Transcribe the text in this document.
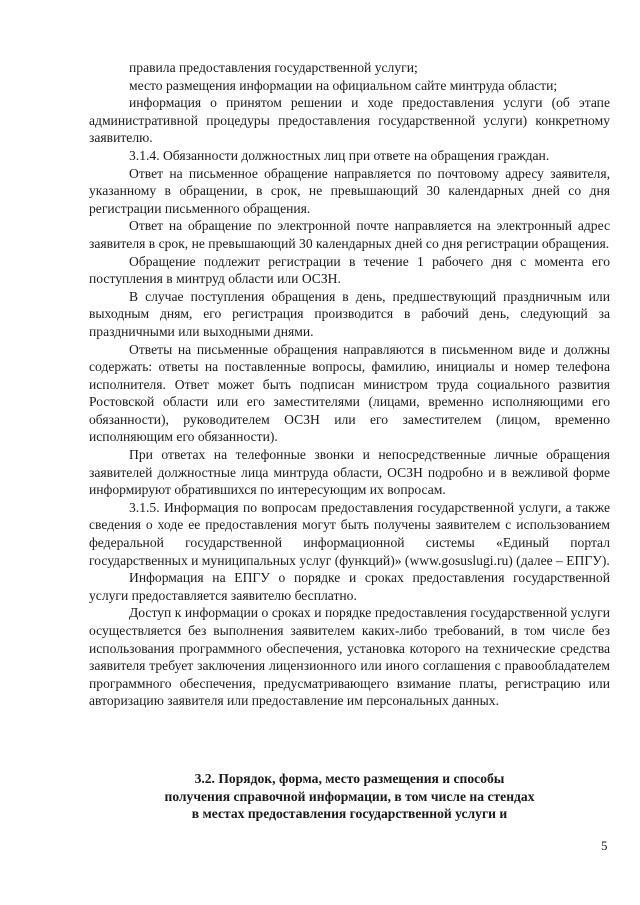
правила предоставления государственной услуги;

место размещения информации на официальном сайте минтруда области;

информация о принятом решении и ходе предоставления услуги (об этапе административной процедуры предоставления государственной услуги) конкретному заявителю.

3.1.4. Обязанности должностных лиц при ответе на обращения граждан.

Ответ на письменное обращение направляется по почтовому адресу заявителя, указанному в обращении, в срок, не превышающий 30 календарных дней со дня регистрации письменного обращения.

Ответ на обращение по электронной почте направляется на электронный адрес заявителя в срок, не превышающий 30 календарных дней со дня регистрации обращения.

Обращение подлежит регистрации в течение 1 рабочего дня с момента его поступления в минтруд области или ОСЗН.

В случае поступления обращения в день, предшествующий праздничным или выходным дням, его регистрация производится в рабочий день, следующий за праздничными или выходными днями.

Ответы на письменные обращения направляются в письменном виде и должны содержать: ответы на поставленные вопросы, фамилию, инициалы и номер телефона исполнителя. Ответ может быть подписан министром труда социального развития Ростовской области или его заместителями (лицами, временно исполняющими его обязанности), руководителем ОСЗН или его заместителем (лицом, временно исполняющим его обязанности).

При ответах на телефонные звонки и непосредственные личные обращения заявителей должностные лица минтруда области, ОСЗН подробно и в вежливой форме информируют обратившихся по интересующим их вопросам.

3.1.5. Информация по вопросам предоставления государственной услуги, а также сведения о ходе ее предоставления могут быть получены заявителем с использованием федеральной государственной информационной системы «Единый портал государственных и муниципальных услуг (функций)» (www.gosuslugi.ru) (далее – ЕПГУ).

Информация на ЕПГУ о порядке и сроках предоставления государственной услуги предоставляется заявителю бесплатно.

Доступ к информации о сроках и порядке предоставления государственной услуги осуществляется без выполнения заявителем каких-либо требований, в том числе без использования программного обеспечения, установка которого на технические средства заявителя требует заключения лицензионного или иного соглашения с правообладателем программного обеспечения, предусматривающего взимание платы, регистрацию или авторизацию заявителя или предоставление им персональных данных.

3.2. Порядок, форма, место размещения и способы
получения справочной информации, в том числе на стендах
в местах предоставления государственной услуги и
5
